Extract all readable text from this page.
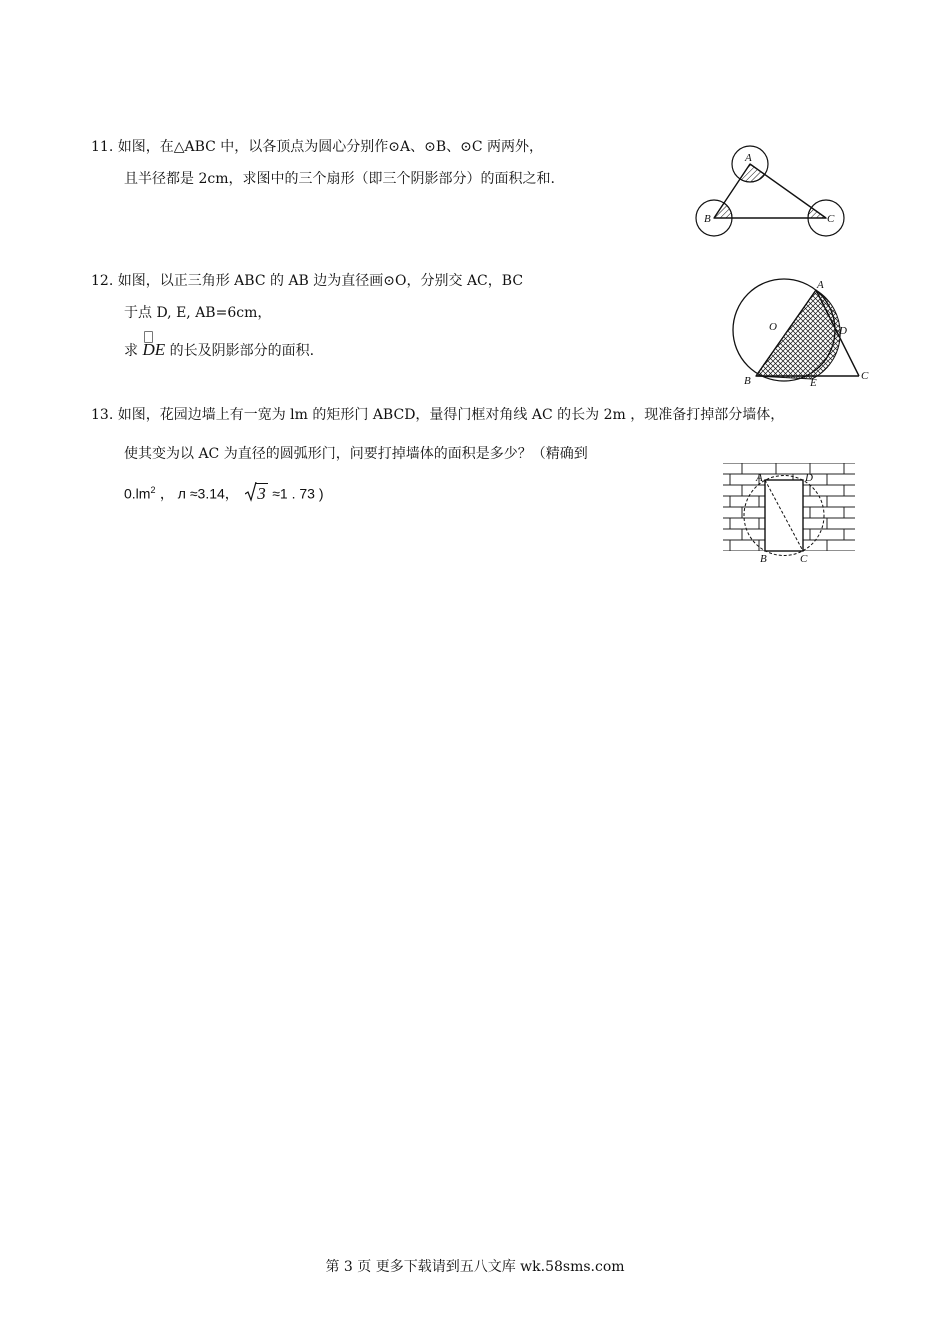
11. 如图，在△ABC 中，以各顶点为圆心分别作⊙A、⊙B、⊙C 两两外，
且半径都是 2cm，求图中的三个扇形（即三个阴影部分）的面积之和.
A
B	C
12. 如图，以正三角形 ABC 的 AB 边为直径画⊙O，分别交 AC，BC
于点 D, E, AB=6cm，
求 DE 的长及阴影部分的面积.
A
O	D
B	E
C
13. 如图，花园边墙上有一宽为 lm 的矩形门 ABCD，量得门框对角线 AC 的长为 2m ，现准备打掉部分墙体，
使其变为以 AC 为直径的圆弧形门，问要打掉墙体的面积是多少？（精确到
$0.lm^2$ ， л ≈3.14， 3 ≈1 . 73 )
A	D
B	C
第 3 页 更多下载请到五八文库 wk.58sms.com
